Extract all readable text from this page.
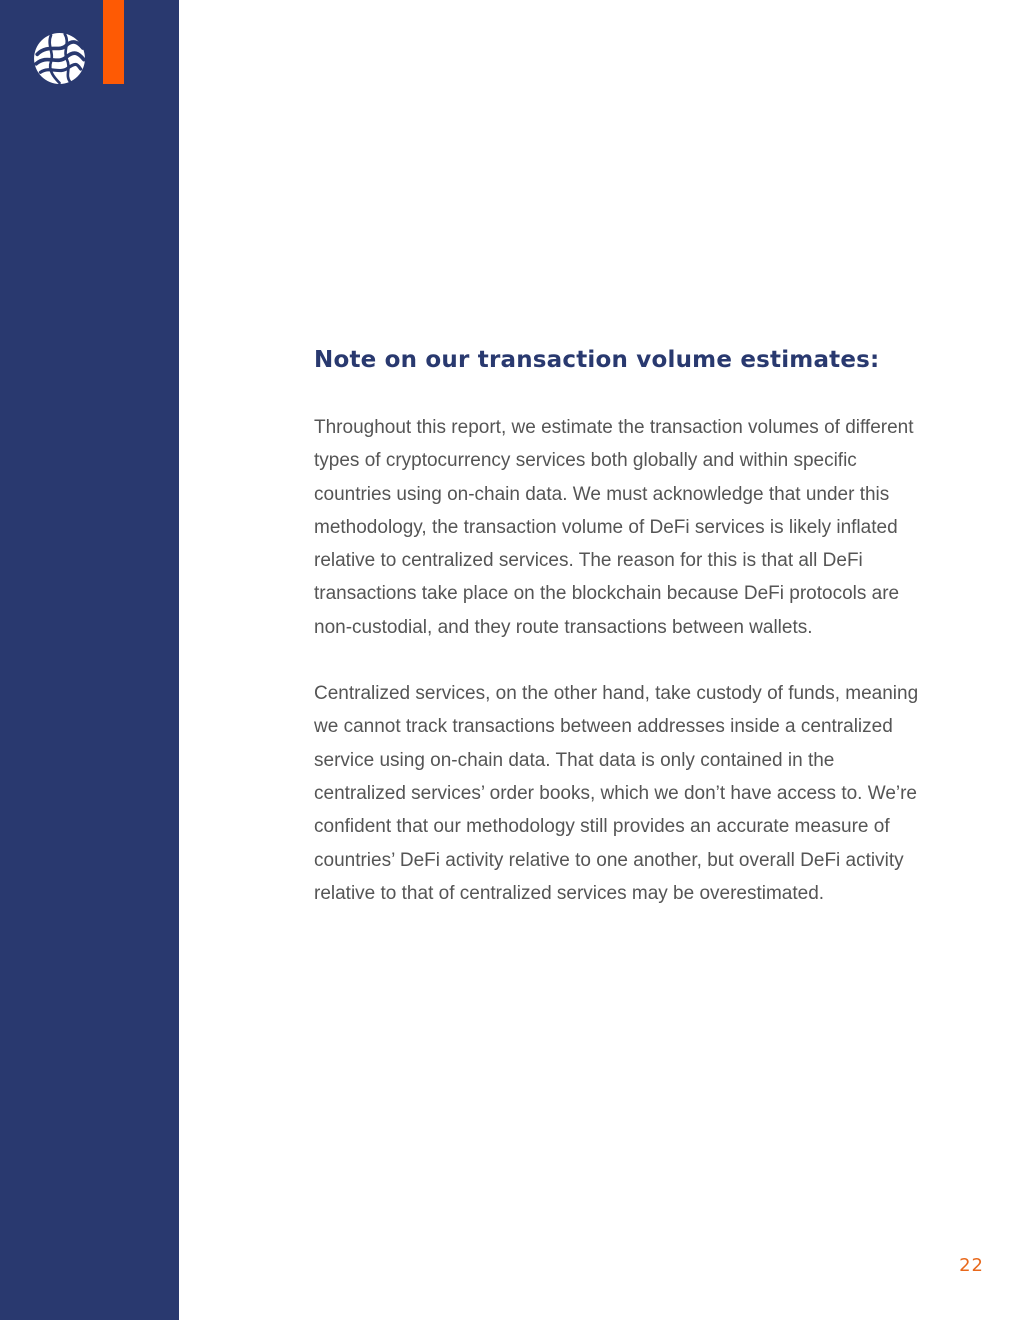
Note on our transaction volume estimates:

Throughout this report, we estimate the transaction volumes of different types of cryptocurrency services both globally and within specific countries using on-chain data. We must acknowledge that under this methodology, the transaction volume of DeFi services is likely inflated relative to centralized services. The reason for this is that all DeFi transactions take place on the blockchain because DeFi protocols are non-custodial, and they route transactions between wallets.

Centralized services, on the other hand, take custody of funds, meaning we cannot track transactions between addresses inside a centralized service using on-chain data. That data is only contained in the centralized services’ order books, which we don’t have access to. We’re confident that our methodology still provides an accurate measure of countries’ DeFi activity relative to one another, but overall DeFi activity relative to that of centralized services may be overestimated.

22
